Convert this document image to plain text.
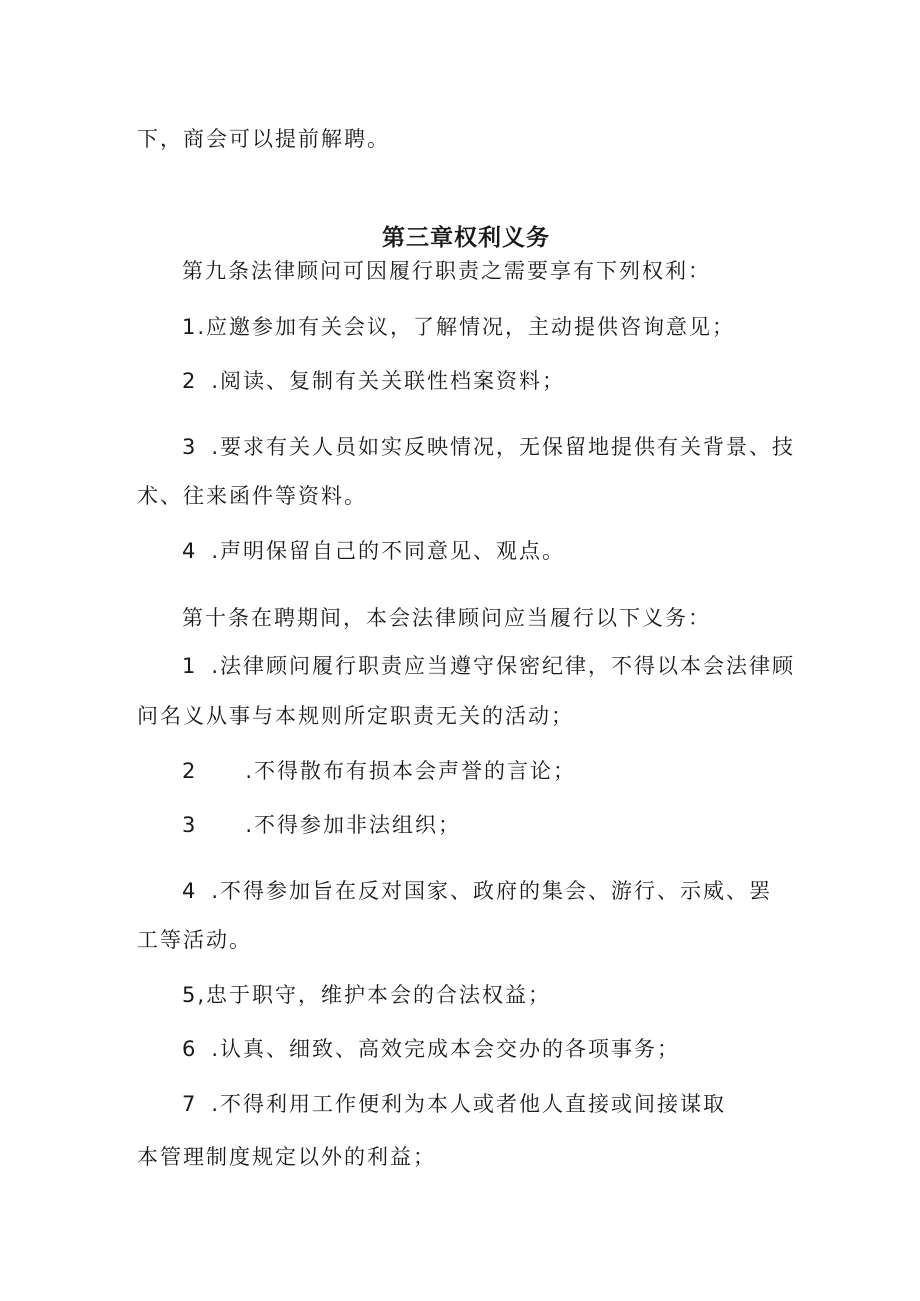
下，商会可以提前解聘。
第三章权利义务
第九条法律顾问可因履行职责之需要享有下列权利：
1.应邀参加有关会议，了解情况，主动提供咨询意见；
2 .阅读、复制有关关联性档案资料；
3 .要求有关人员如实反映情况，无保留地提供有关背景、技
术、往来函件等资料。
4 .声明保留自己的不同意见、观点。
第十条在聘期间，本会法律顾问应当履行以下义务：
1 .法律顾问履行职责应当遵守保密纪律，不得以本会法律顾
问名义从事与本规则所定职责无关的活动；
2 .不得散布有损本会声誉的言论；
3 .不得参加非法组织；
4 .不得参加旨在反对国家、政府的集会、游行、示威、罢
工等活动。
5,忠于职守，维护本会的合法权益；
6 .认真、细致、高效完成本会交办的各项事务；
7 .不得利用工作便利为本人或者他人直接或间接谋取
本管理制度规定以外的利益；
